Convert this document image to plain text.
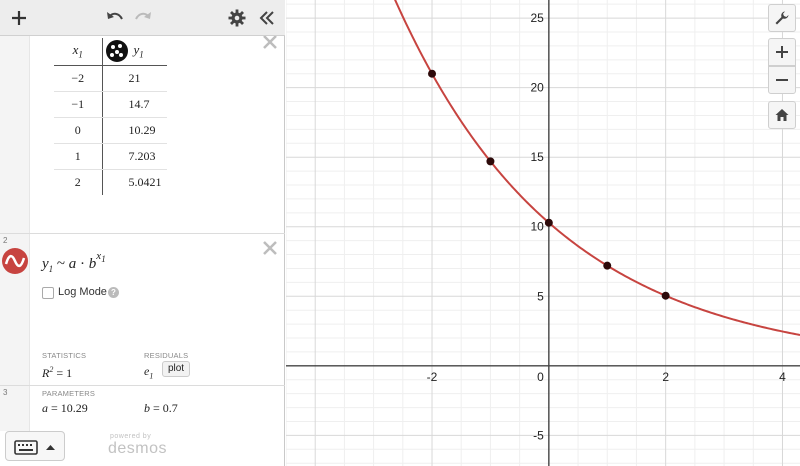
$x_1$	$y_1$
−2	21
−1	14.7
0	10.29
1	7.203
2	5.0421
2
$y_1$ ~ $a \cdot b^{x_1}$
Log Mode ?
STATISTICS	RESIDUALS
$R^2 = 1$	$e_1$
plot
PARAMETERS
a = 10.29	b = 0.7
3
powered by
desmos
-2	2	4
-5
5
10
15
20
25
0
